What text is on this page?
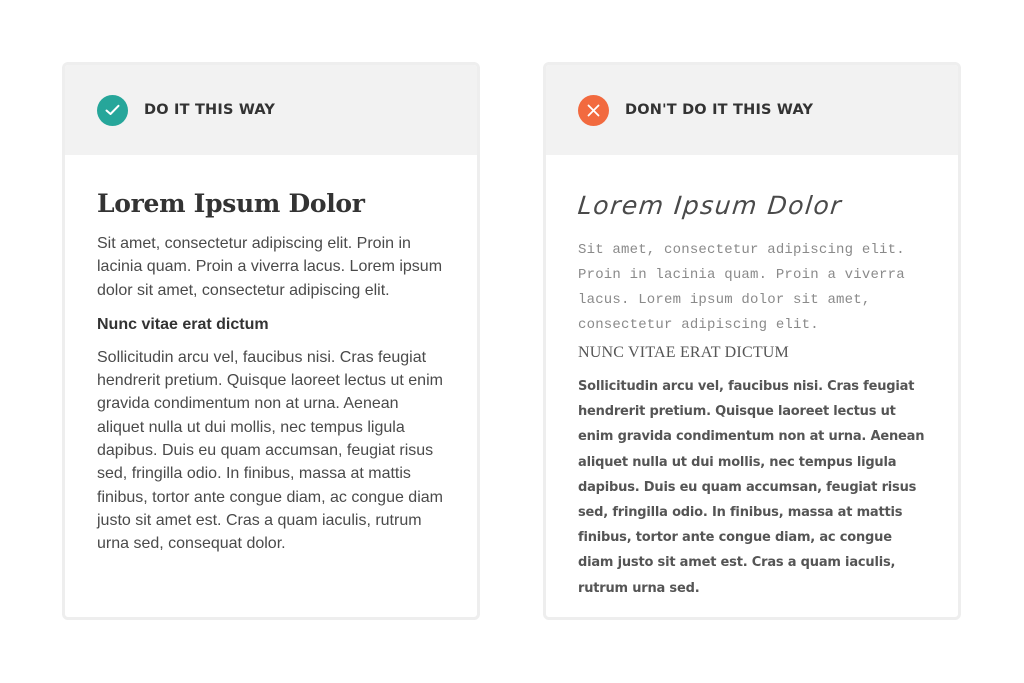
DO IT THIS WAY
Lorem Ipsum Dolor

Sit amet, consectetur adipiscing elit. Proin in lacinia quam. Proin a viverra lacus. Lorem ipsum dolor sit amet, consectetur adipiscing elit.

Nunc vitae erat dictum

Sollicitudin arcu vel, faucibus nisi. Cras feugiat hendrerit pretium. Quisque laoreet lectus ut enim gravida condimentum non at urna. Aenean aliquet nulla ut dui mollis, nec tempus ligula dapibus. Duis eu quam accumsan, feugiat risus sed, fringilla odio. In finibus, massa at mattis finibus, tortor ante congue diam, ac congue diam justo sit amet est. Cras a quam iaculis, rutrum urna sed, consequat dolor.

DON'T DO IT THIS WAY
Lorem Ipsum Dolor

Sit amet, consectetur adipiscing elit. Proin in lacinia quam. Proin a viverra lacus. Lorem ipsum dolor sit amet, consectetur adipiscing elit.

NUNC VITAE ERAT DICTUM

Sollicitudin arcu vel, faucibus nisi. Cras feugiat hendrerit pretium. Quisque laoreet lectus ut enim gravida condimentum non at urna. Aenean aliquet nulla ut dui mollis, nec tempus ligula dapibus. Duis eu quam accumsan, feugiat risus sed, fringilla odio. In finibus, massa at mattis finibus, tortor ante congue diam, ac congue diam justo sit amet est. Cras a quam iaculis, rutrum urna sed.
